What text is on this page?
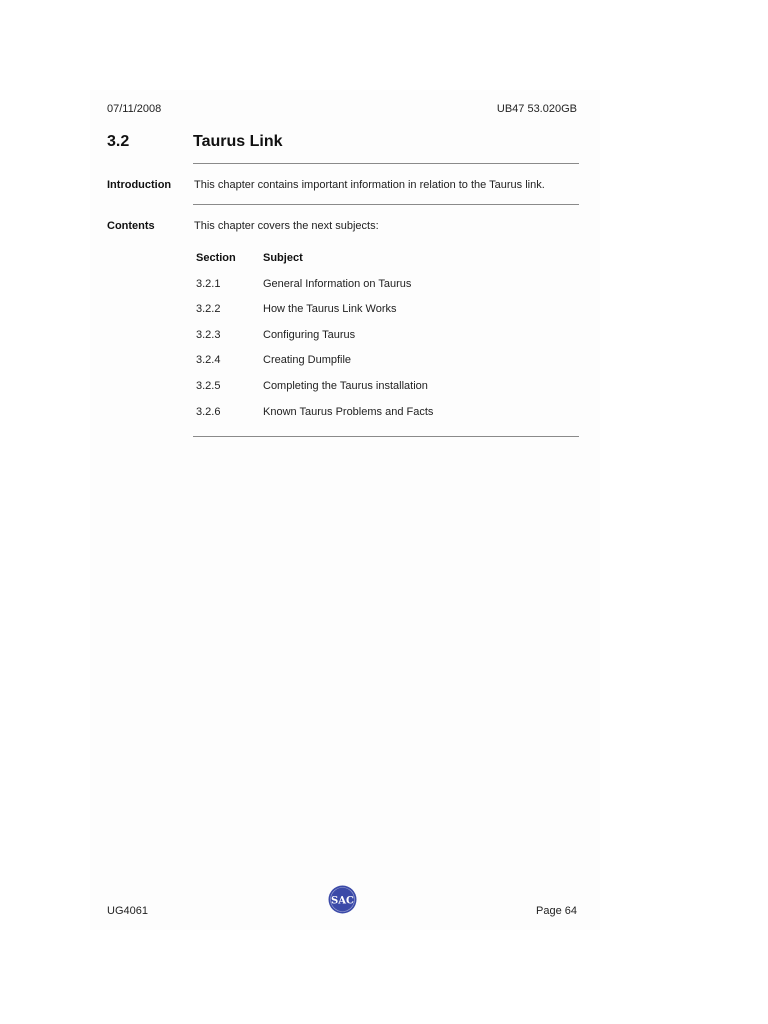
07/11/2008	UB47 53.020GB
3.2	Taurus Link
Introduction This chapter contains important information in relation to the Taurus link.
Contents	This chapter covers the next subjects:
Section Subject
3.2.1	General Information on Taurus
3.2.2	How the Taurus Link Works
3.2.3	Configuring Taurus
3.2.4	Creating Dumpfile
3.2.5	Completing the Taurus installation
3.2.6	Known Taurus Problems and Facts
UG4061
SAC
Page 64
